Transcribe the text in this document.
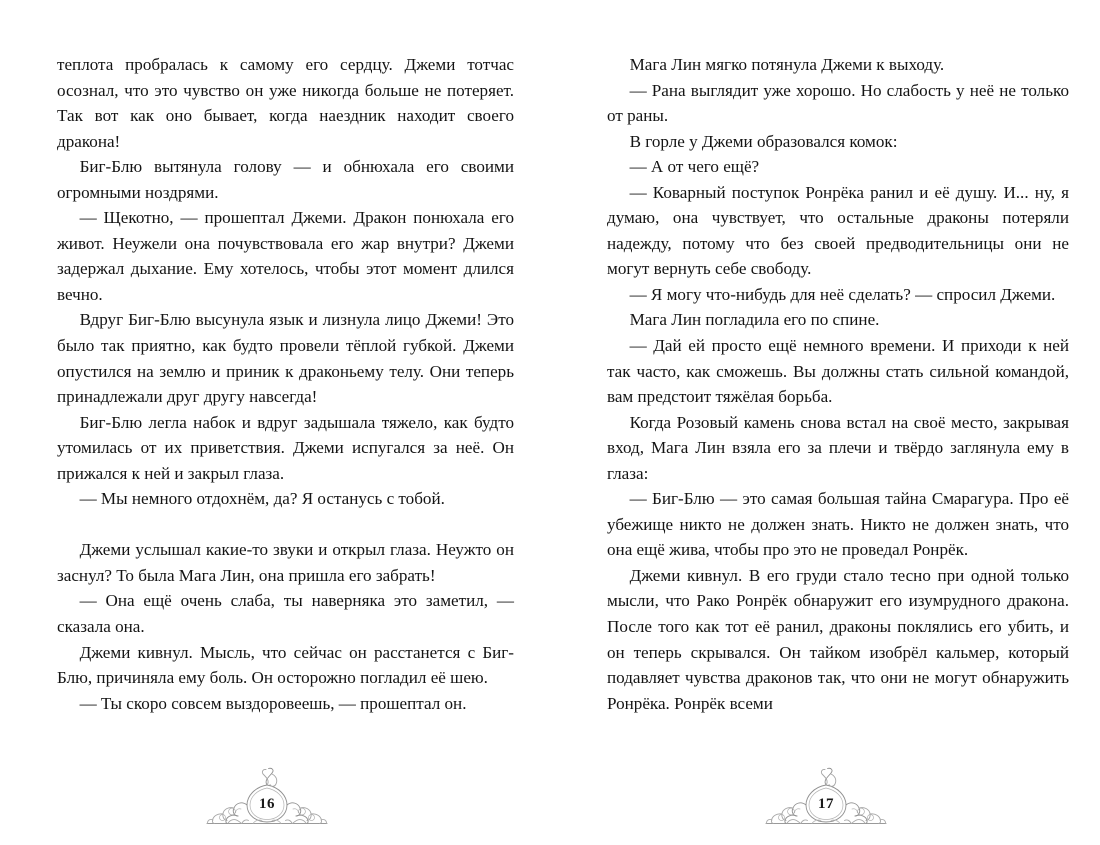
теплота пробралась к самому его сердцу. Джеми тотчас осознал, что это чувство он уже никогда больше не потеряет. Так вот как оно бывает, когда наездник находит своего дракона!

Биг-Блю вытянула голову — и обнюхала его своими огромными ноздрями.

— Щекотно, — прошептал Джеми. Дракон понюхала его живот. Неужели она почувствовала его жар внутри? Джеми задержал дыхание. Ему хотелось, чтобы этот момент длился вечно.

Вдруг Биг-Блю высунула язык и лизнула лицо Джеми! Это было так приятно, как будто провели тёплой губкой. Джеми опустился на землю и приник к драконьему телу. Они теперь принадлежали друг другу навсегда!

Биг-Блю легла набок и вдруг задышала тяжело, как будто утомилась от их приветствия. Джеми испугался за неё. Он прижался к ней и закрыл глаза.

— Мы немного отдохнём, да? Я останусь с тобой.

Джеми услышал какие-то звуки и открыл глаза. Неужто он заснул? То была Мага Лин, она пришла его забрать!

— Она ещё очень слаба, ты наверняка это заметил, — сказала она.

Джеми кивнул. Мысль, что сейчас он расстанется с Биг-Блю, причиняла ему боль. Он осторожно погладил её шею.

— Ты скоро совсем выздоровеешь, — прошептал он.

16

Мага Лин мягко потянула Джеми к выходу.

— Рана выглядит уже хорошо. Но слабость у неё не только от раны.

В горле у Джеми образовался комок:

— А от чего ещё?

— Коварный поступок Ронрёка ранил и её душу. И... ну, я думаю, она чувствует, что остальные драконы потеряли надежду, потому что без своей предводительницы они не могут вернуть себе свободу.

— Я могу что-нибудь для неё сделать? — спросил Джеми.

Мага Лин погладила его по спине.

— Дай ей просто ещё немного времени. И приходи к ней так часто, как сможешь. Вы должны стать сильной командой, вам предстоит тяжёлая борьба.

Когда Розовый камень снова встал на своё место, закрывая вход, Мага Лин взяла его за плечи и твёрдо заглянула ему в глаза:

— Биг-Блю — это самая большая тайна Смарагура. Про её убежище никто не должен знать. Никто не должен знать, что она ещё жива, чтобы про это не проведал Ронрёк.

Джеми кивнул. В его груди стало тесно при одной только мысли, что Рако Ронрёк обнаружит его изумрудного дракона. После того как тот её ранил, драконы поклялись его убить, и он теперь скрывался. Он тайком изобрёл кальмер, который подавляет чувства драконов так, что они не могут обнаружить Ронрёка. Ронрёк всеми

17
